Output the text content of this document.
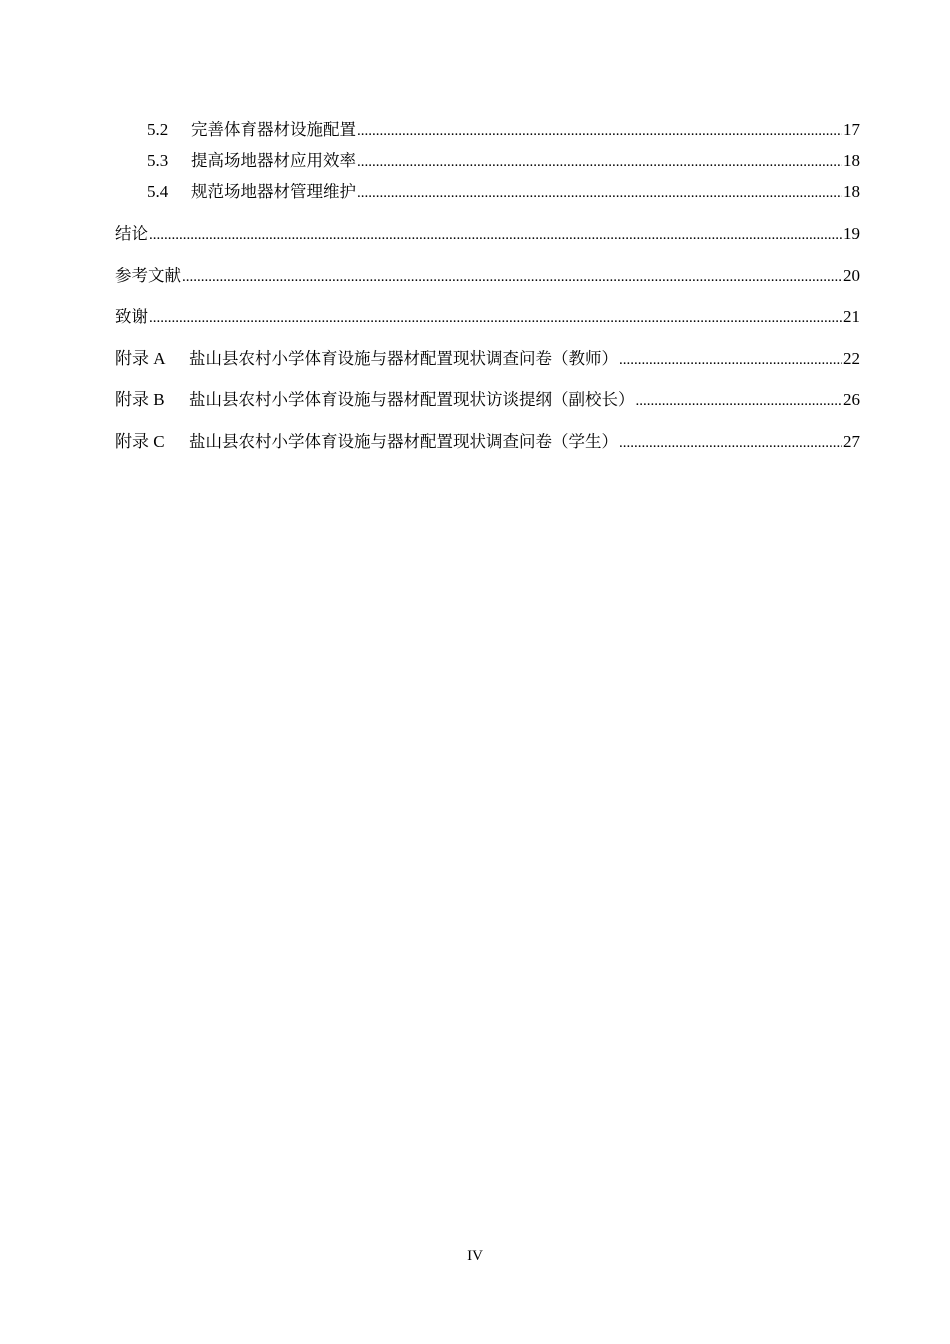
5.2	完善体育器材设施配置 .....	17
5.3	提高场地器材应用效率 .....	18
5.4	规范场地器材管理维护 .....	18
结论 .....	19
参考文献 .....	20
致谢 .....	21
附录 A	盐山县农村小学体育设施与器材配置现状调查问卷（教师） .....	22
附录 B	盐山县农村小学体育设施与器材配置现状访谈提纲（副校长） .....	26
附录 C	盐山县农村小学体育设施与器材配置现状调查问卷（学生） .....	27
IV
